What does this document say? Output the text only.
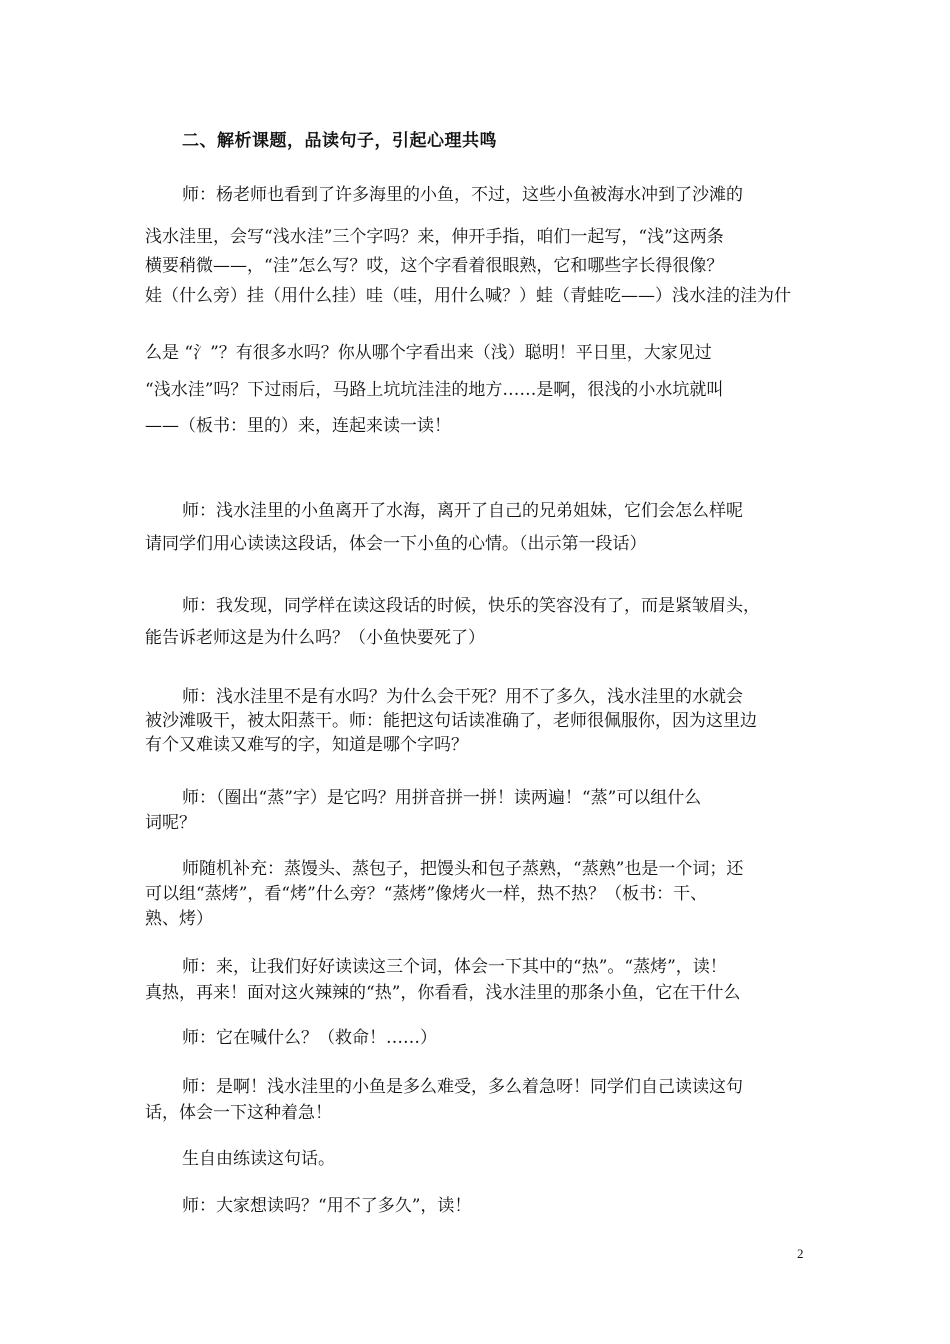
二、解析课题，品读句子，引起心理共鸣
师：杨老师也看到了许多海里的小鱼，不过，这些小鱼被海水冲到了沙滩的
浅水洼里，会写“浅水洼”三个字吗？来，伸开手指，咱们一起写，“浅”这两条
横要稍微——，“洼”怎么写？哎，这个字看着很眼熟，它和哪些字长得很像？
娃（什么旁）挂（用什么挂）哇（哇，用什么喊？）蛙（青蛙吃——）浅水洼的洼为什
么是 “氵”？有很多水吗？你从哪个字看出来（浅）聪明！平日里，大家见过
“浅水洼”吗？下过雨后，马路上坑坑洼洼的地方……是啊，很浅的小水坑就叫
——（板书：里的）来，连起来读一读！
师：浅水洼里的小鱼离开了水海，离开了自己的兄弟姐妹，它们会怎么样呢
请同学们用心读读这段话，体会一下小鱼的心情。（出示第一段话）
师：我发现，同学样在读这段话的时候，快乐的笑容没有了，而是紧皱眉头，
能告诉老师这是为什么吗？（小鱼快要死了）
师：浅水洼里不是有水吗？为什么会干死？用不了多久，浅水洼里的水就会
被沙滩吸干，被太阳蒸干。师：能把这句话读准确了，老师很佩服你，因为这里边
有个又难读又难写的字，知道是哪个字吗？
师：（圈出“蒸”字）是它吗？用拼音拼一拼！读两遍！“蒸”可以组什么
词呢？
师随机补充：蒸馒头、蒸包子，把馒头和包子蒸熟，“蒸熟”也是一个词；还
可以组“蒸烤”，看“烤”什么旁？“蒸烤”像烤火一样，热不热？（板书：干、
熟、烤）
师：来，让我们好好读读这三个词，体会一下其中的“热”。“蒸烤”，读！
真热，再来！面对这火辣辣的“热”，你看看，浅水洼里的那条小鱼，它在干什么
师：它在喊什么？（救命！……）
师：是啊！浅水洼里的小鱼是多么难受，多么着急呀！同学们自己读读这句
话，体会一下这种着急！
生自由练读这句话。
师：大家想读吗？“用不了多久”，读！
2
